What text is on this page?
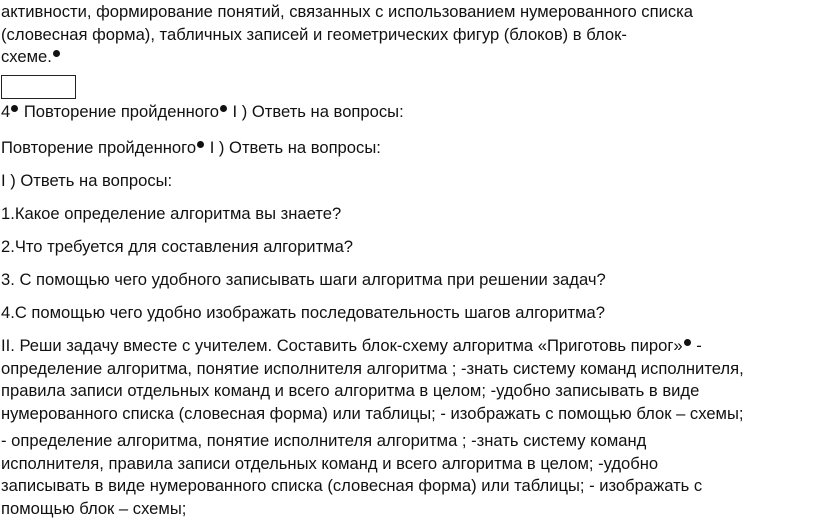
активности, формирование понятий, связанных с использованием нумерованного списка
(словесная форма), табличных записей и геометрических фигур (блоков) в блок-
схеме.
4 Повторение пройденного I ) Ответь на вопросы:
Повторение пройденного I ) Ответь на вопросы:
I ) Ответь на вопросы:
1.Какое определение алгоритма вы знаете?
2.Что требуется для составления алгоритма?
3. С помощью чего удобного записывать шаги алгоритма при решении задач?
4.С помощью чего удобно изображать последовательность шагов алгоритма?
II. Реши задачу вместе с учителем. Составить блок-схему алгоритма «Приготовь пирог» -
определение алгоритма, понятие исполнителя алгоритма ; -знать систему команд исполнителя,
правила записи отдельных команд и всего алгоритма в целом; -удобно записывать в виде
нумерованного списка (словесная форма) или таблицы; - изображать с помощью блок – схемы;
- определение алгоритма, понятие исполнителя алгоритма ; -знать систему команд
исполнителя, правила записи отдельных команд и всего алгоритма в целом; -удобно
записывать в виде нумерованного списка (словесная форма) или таблицы; - изображать с
помощью блок – схемы;
